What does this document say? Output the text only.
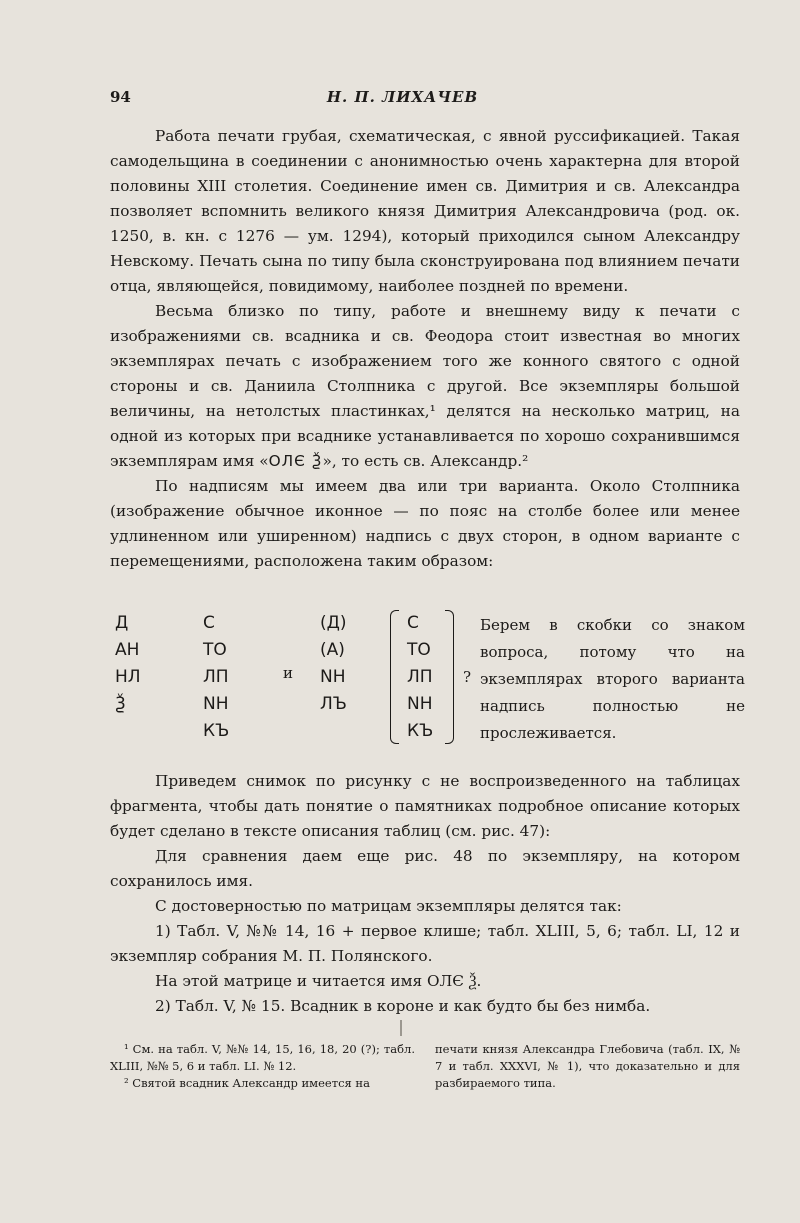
94	Н. П. ЛИХАЧЕВ

Работа печати грубая, схематическая, с явной руссификацией. Такая самодельщина в соединении с анонимностью очень характерна для второй половины XIII столетия. Соединение имен св. Димитрия и св. Александра позволяет вспомнить великого князя Димитрия Александровича (род. ок. 1250, в. кн. с 1276 — ум. 1294), который приходился сыном Александру Невскому. Печать сына по типу была сконструирована под влиянием печати отца, являющейся, повидимому, наиболее поздней по времени.

Весьма близко по типу, работе и внешнему виду к печати с изображениями св. всадника и св. Феодора стоит известная во многих экземплярах печать с изображением того же конного святого с одной стороны и св. Даниила Столпника с другой. Все экземпляры большой величины, на нетолстых пластинках,¹ делятся на несколько матриц, на одной из которых при всаднике устанавливается по хорошо сохранившимся экземплярам имя «ОЛЄ Ѯ», то есть св. Александр.²

По надписям мы имеем два или три варианта. Около Столпника (изображение обычное иконное — по пояс на столбе более или менее удлиненном или уширенном) надпись с двух сторон, в одном варианте с перемещениями, расположена таким образом:

Д
АН
НЛ
Ѯ
С
ТО
ЛП
NН
КЪ
и
(Д)
(А)
NН
ЛЪ
С
ТО
ЛП
NН
КЪ
?
Берем в скобки со знаком вопроса, потому что на экземплярах второго варианта надпись полностью не прослеживается.

Приведем снимок по рисунку с не воспроизведенного на таблицах фрагмента, чтобы дать понятие о памятниках подробное описание которых будет сделано в тексте описания таблиц (см. рис. 47):

Для сравнения даем еще рис. 48 по экземпляру, на котором сохранилось имя.

С достоверностью по матрицам экземпляры делятся так:

1) Табл. V, №№ 14, 16 + первое клише; табл. XLIII, 5, 6; табл. LI, 12 и экземпляр собрания М. П. Полянского.

На этой матрице и читается имя ОЛЄ Ѯ.

2) Табл. V, № 15. Всадник в короне и как будто бы без нимба.

¹ См. на табл. V, №№ 14, 15, 16, 18, 20 (?); табл. XLIII, №№ 5, 6 и табл. LI. № 12.

² Святой всадник Александр имеется на

печати князя Александра Глебовича (табл. IX, № 7 и табл. XXXVI, № 1), что доказательно и для разбираемого типа.
